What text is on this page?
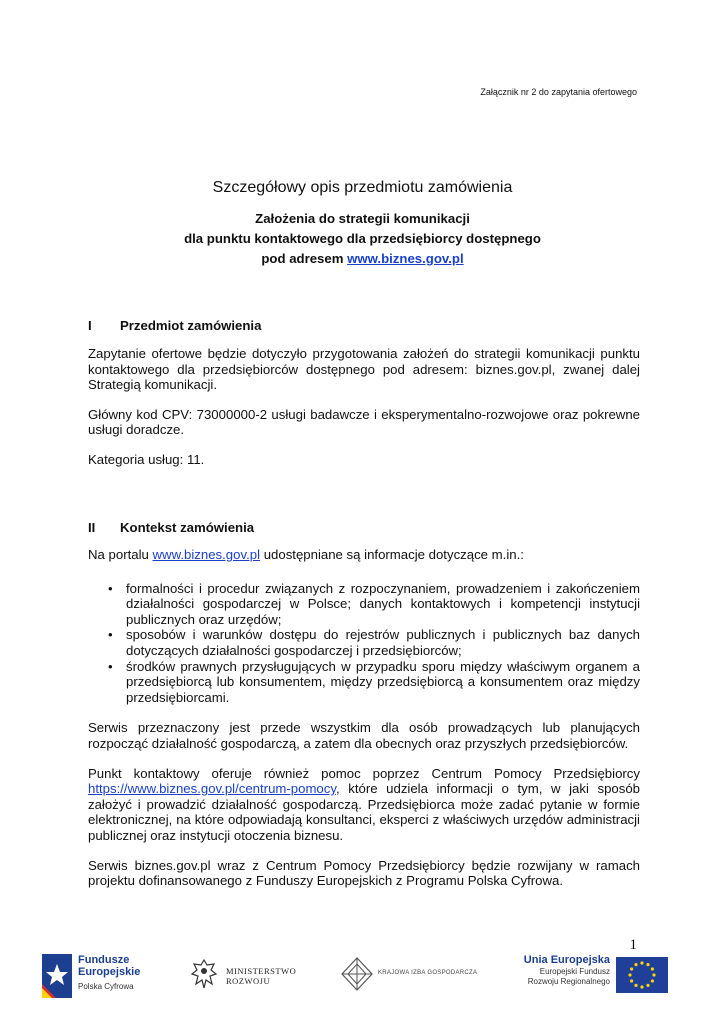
Załącznik nr 2 do zapytania ofertowego
Szczegółowy opis przedmiotu zamówienia
Założenia do strategii komunikacji
dla punktu kontaktowego dla przedsiębiorcy dostępnego
pod adresem www.biznes.gov.pl
I Przedmiot zamówienia

Zapytanie ofertowe będzie dotyczyło przygotowania założeń do strategii komunikacji punktu kontaktowego dla przedsiębiorców dostępnego pod adresem: biznes.gov.pl, zwanej dalej Strategią komunikacji.

Główny kod CPV: 73000000-2 usługi badawcze i eksperymentalno-rozwojowe oraz pokrewne usługi doradcze.

Kategoria usług: 11.

II Kontekst zamówienia

Na portalu www.biznes.gov.pl udostępniane są informacje dotyczące m.in.:

• formalności i procedur związanych z rozpoczynaniem, prowadzeniem i zakończeniem działalności gospodarczej w Polsce; danych kontaktowych i kompetencji instytucji publicznych oraz urzędów;
• sposobów i warunków dostępu do rejestrów publicznych i publicznych baz danych dotyczących działalności gospodarczej i przedsiębiorców;
• środków prawnych przysługujących w przypadku sporu między właściwym organem a przedsiębiorcą lub konsumentem, między przedsiębiorcą a konsumentem oraz między przedsiębiorcami.

Serwis przeznaczony jest przede wszystkim dla osób prowadzących lub planujących rozpocząć działalność gospodarczą, a zatem dla obecnych oraz przyszłych przedsiębiorców.

Punkt kontaktowy oferuje również pomoc poprzez Centrum Pomocy Przedsiębiorcy https://www.biznes.gov.pl/centrum-pomocy, które udziela informacji o tym, w jaki sposób założyć i prowadzić działalność gospodarczą. Przedsiębiorca może zadać pytanie w formie elektronicznej, na które odpowiadają konsultanci, eksperci z właściwych urzędów administracji publicznej oraz instytucji otoczenia biznesu.

Serwis biznes.gov.pl wraz z Centrum Pomocy Przedsiębiorcy będzie rozwijany w ramach projektu dofinansowanego z Funduszy Europejskich z Programu Polska Cyfrowa.

1
Fundusze
Europejskie
Polska Cyfrowa
MINISTERSTWO
ROZWOJU
KRAJOWA IZBA GOSPODARCZA
Unia Europejska
Europejski Fundusz
Rozwoju Regionalnego
